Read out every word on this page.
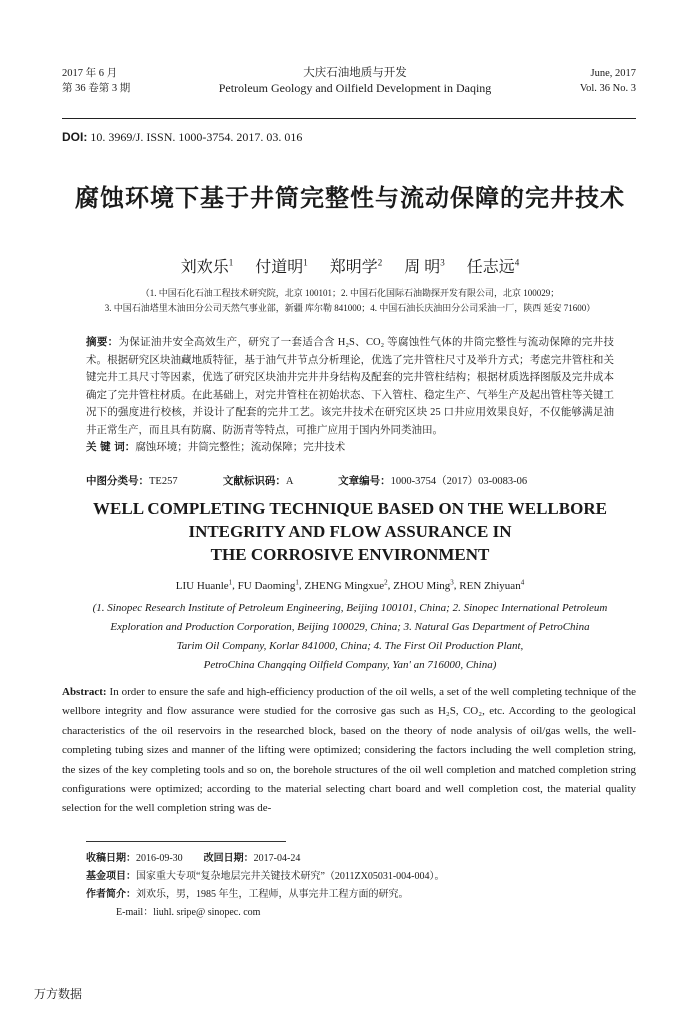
2017 年 6 月
第 36 卷第 3 期
大庆石油地质与开发
Petroleum Geology and Oilfield Development in Daqing
June, 2017
Vol. 36 No. 3
DOI: 10. 3969/J. ISSN. 1000-3754. 2017. 03. 016
腐蚀环境下基于井筒完整性与流动保障的完井技术
刘欢乐$^1$ 付道明$^1$ 郑明学$^2$ 周 明$^3$ 任志远$^4$
（1. 中国石化石油工程技术研究院，北京 100101；2. 中国石化国际石油勘探开发有限公司，北京 100029；
3. 中国石油塔里木油田分公司天然气事业部，新疆 库尔勒 841000；4. 中国石油长庆油田分公司采油一厂，陕西 延安 71600）
摘要：为保证油井安全高效生产，研究了一套适合含 H₂S、CO₂ 等腐蚀性气体的井筒完整性与流动保障的完井技术。根据研究区块油藏地质特征，基于油气井节点分析理论，优选了完井管柱尺寸及举升方式；考虑完井管柱和关键完井工具尺寸等因素，优选了研究区块油井完井井身结构及配套的完井管柱结构；根据材质选择图版及完井成本确定了完井管柱材质。在此基础上，对完井管柱在初始状态、下入管柱、稳定生产、气举生产及起出管柱等关键工况下的强度进行校核，并设计了配套的完井工艺。该完井技术在研究区块 25 口井应用效果良好，不仅能够满足油井正常生产，而且具有防腐、防沥青等特点，可推广应用于国内外同类油田。
关 键 词：腐蚀环境；井筒完整性；流动保障；完井技术
中图分类号：TE257	文献标识码：A	文章编号：1000-3754（2017）03-0083-06
WELL COMPLETING TECHNIQUE BASED ON THE WELLBORE
INTEGRITY AND FLOW ASSURANCE IN
THE CORROSIVE ENVIRONMENT
LIU Huanle$^1$, FU Daoming$^1$, ZHENG Mingxue$^2$, ZHOU Ming$^3$, REN Zhiyuan$^4$
(1. Sinopec Research Institute of Petroleum Engineering, Beijing 100101, China; 2. Sinopec International Petroleum
Exploration and Production Corporation, Beijing 100029, China; 3. Natural Gas Department of PetroChina
Tarim Oil Company, Korlar 841000, China; 4. The First Oil Production Plant,
PetroChina Changqing Oilfield Company, Yan' an 716000, China)
Abstract: In order to ensure the safe and high-efficiency production of the oil wells, a set of the well completing technique of the wellbore integrity and flow assurance were studied for the corrosive gas such as H₂S, CO₂, etc. According to the geological characteristics of the oil reservoirs in the researched block, based on the theory of node analysis of oil/gas wells, the well-completing tubing sizes and manner of the lifting were optimized; considering the factors including the well completion string, the sizes of the key completing tools and so on, the borehole structures of the oil well completion and matched completion string configurations were optimized; according to the material selecting chart board and well completion cost, the material quality selection for the well completion string was de-
收稿日期：2016-09-30 改回日期：2017-04-24
基金项目：国家重大专项“复杂地层完井关键技术研究”（2011ZX05031-004-004）。
作者简介：刘欢乐，男，1985 年生，工程师，从事完井工程方面的研究。
E-mail：liuhl. sripe@ sinopec. com
万方数据
